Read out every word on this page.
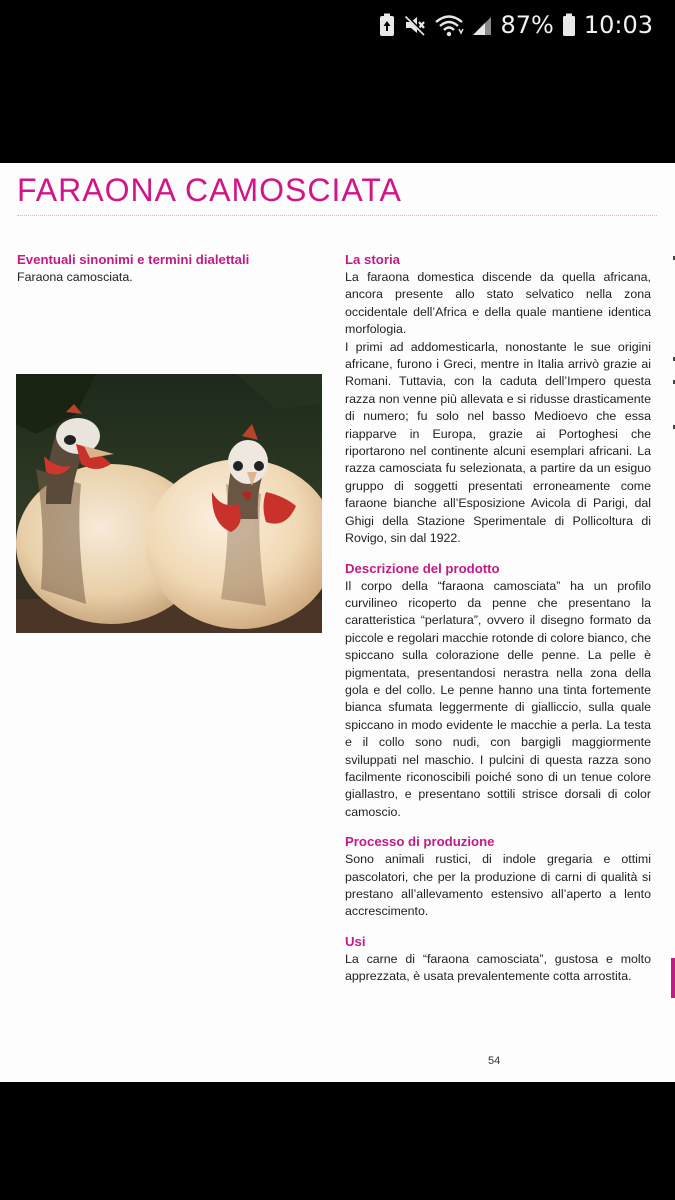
87% 10:03
FARAONA CAMOSCIATA

Eventuali sinonimi e termini dialettali

Faraona camosciata.

La storia

La faraona domestica discende da quella africana, ancora presente allo stato selvatico nella zona occidentale dell’Africa e della quale mantiene identica morfologia.

I primi ad addomesticarla, nonostante le sue origini africane, furono i Greci, mentre in Italia arrivò grazie ai Romani. Tuttavia, con la caduta dell’Impero questa razza non venne più allevata e si ridusse drasticamente di numero; fu solo nel basso Medioevo che essa riapparve in Europa, grazie ai Portoghesi che riportarono nel continente alcuni esemplari africani. La razza camosciata fu selezionata, a partire da un esiguo gruppo di soggetti presentati erroneamente come faraone bianche all’Esposizione Avicola di Parigi, dal Ghigi della Stazione Sperimentale di Pollicoltura di Rovigo, sin dal 1922.

Descrizione del prodotto

Il corpo della “faraona camosciata” ha un profilo curvilineo ricoperto da penne che presentano la caratteristica “perlatura”, ovvero il disegno formato da piccole e regolari macchie rotonde di colore bianco, che spiccano sulla colorazione delle penne. La pelle è pigmentata, presentandosi nerastra nella zona della gola e del collo. Le penne hanno una tinta fortemente bianca sfumata leggermente di gialliccio, sulla quale spiccano in modo evidente le macchie a perla. La testa e il collo sono nudi, con bargigli maggiormente sviluppati nel maschio. I pulcini di questa razza sono facilmente riconoscibili poiché sono di un tenue colore giallastro, e presentano sottili strisce dorsali di color camoscio.

Processo di produzione

Sono animali rustici, di indole gregaria e ottimi pascolatori, che per la produzione di carni di qualità si prestano all’allevamento estensivo all’aperto a lento accrescimento.

Usi

La carne di “faraona camosciata”, gustosa e molto apprezzata, è usata prevalentemente cotta arrostita.

54
